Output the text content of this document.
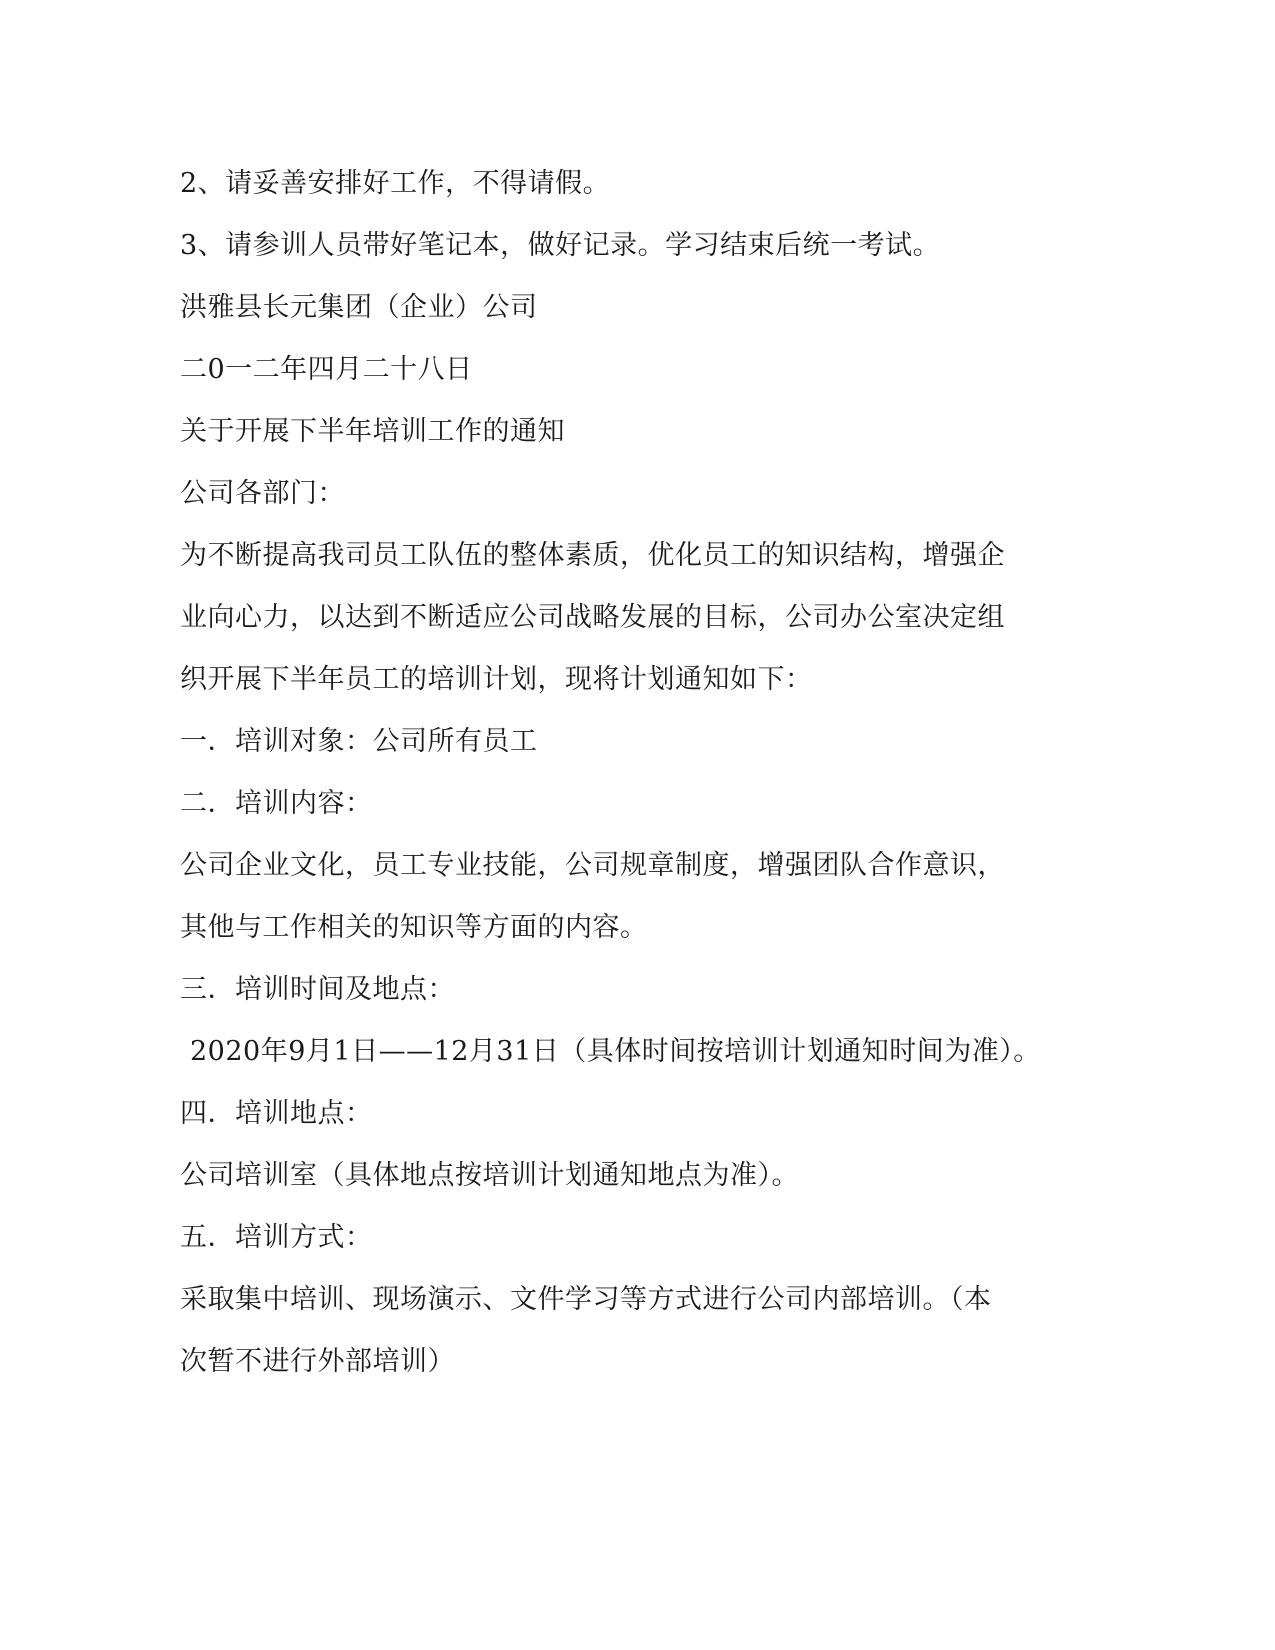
2、请妥善安排好工作，不得请假。
3、请参训人员带好笔记本，做好记录。学习结束后统一考试。
洪雅县长元集团（企业）公司
二0一二年四月二十八日
关于开展下半年培训工作的通知
公司各部门：
为不断提高我司员工队伍的整体素质，优化员工的知识结构，增强企
业向心力，以达到不断适应公司战略发展的目标，公司办公室决定组
织开展下半年员工的培训计划，现将计划通知如下：
一．培训对象：公司所有员工
二．培训内容：
公司企业文化，员工专业技能，公司规章制度，增强团队合作意识，
其他与工作相关的知识等方面的内容。
三．培训时间及地点：
2020年9月1日——12月31日（具体时间按培训计划通知时间为准）。
四．培训地点：
公司培训室（具体地点按培训计划通知地点为准）。
五．培训方式：
采取集中培训、现场演示、文件学习等方式进行公司内部培训。（本
次暂不进行外部培训）
